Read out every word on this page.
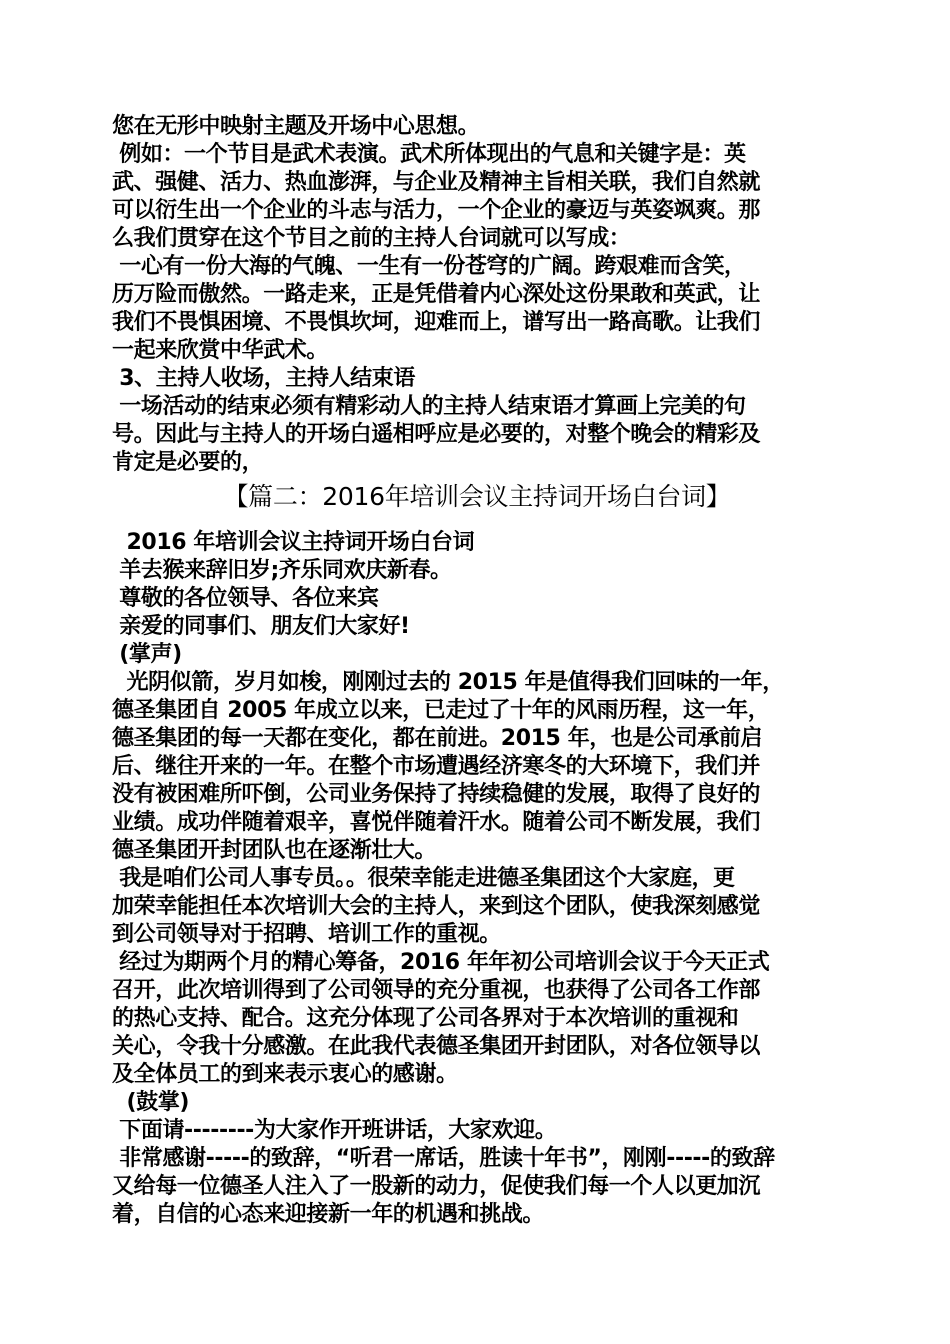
您在无形中映射主题及开场中心思想。
例如：一个节目是武术表演。武术所体现出的气息和关键字是：英
武、强健、活力、热血澎湃，与企业及精神主旨相关联，我们自然就
可以衍生出一个企业的斗志与活力，一个企业的豪迈与英姿飒爽。那
么我们贯穿在这个节目之前的主持人台词就可以写成：
一心有一份大海的气魄、一生有一份苍穹的广阔。跨艰难而含笑，
历万险而傲然。一路走来，正是凭借着内心深处这份果敢和英武，让
我们不畏惧困境、不畏惧坎坷，迎难而上，谱写出一路高歌。让我们
一起来欣赏中华武术。
3、主持人收场，主持人结束语
一场活动的结束必须有精彩动人的主持人结束语才算画上完美的句
号。因此与主持人的开场白遥相呼应是必要的，对整个晚会的精彩及
肯定是必要的，
【篇二：2016年培训会议主持词开场白台词】
2016 年培训会议主持词开场白台词
羊去猴来辞旧岁;齐乐同欢庆新春。
尊敬的各位领导、各位来宾
亲爱的同事们、朋友们大家好!
(掌声)
光阴似箭，岁月如梭，刚刚过去的 2015 年是值得我们回味的一年，
德圣集团自 2005 年成立以来，已走过了十年的风雨历程，这一年，
德圣集团的每一天都在变化，都在前进。2015 年，也是公司承前启
后、继往开来的一年。在整个市场遭遇经济寒冬的大环境下，我们并
没有被困难所吓倒，公司业务保持了持续稳健的发展，取得了良好的
业绩。成功伴随着艰辛，喜悦伴随着汗水。随着公司不断发展，我们
德圣集团开封团队也在逐渐壮大。
我是咱们公司人事专员。。很荣幸能走进德圣集团这个大家庭，更
加荣幸能担任本次培训大会的主持人，来到这个团队，使我深刻感觉
到公司领导对于招聘、培训工作的重视。
经过为期两个月的精心筹备，2016 年年初公司培训会议于今天正式
召开，此次培训得到了公司领导的充分重视，也获得了公司各工作部
的热心支持、配合。这充分体现了公司各界对于本次培训的重视和
关心，令我十分感激。在此我代表德圣集团开封团队，对各位领导以
及全体员工的到来表示衷心的感谢。
(鼓掌)
下面请--------为大家作开班讲话，大家欢迎。
非常感谢-----的致辞，“听君一席话，胜读十年书”，刚刚-----的致辞
又给每一位德圣人注入了一股新的动力，促使我们每一个人以更加沉
着，自信的心态来迎接新一年的机遇和挑战。
